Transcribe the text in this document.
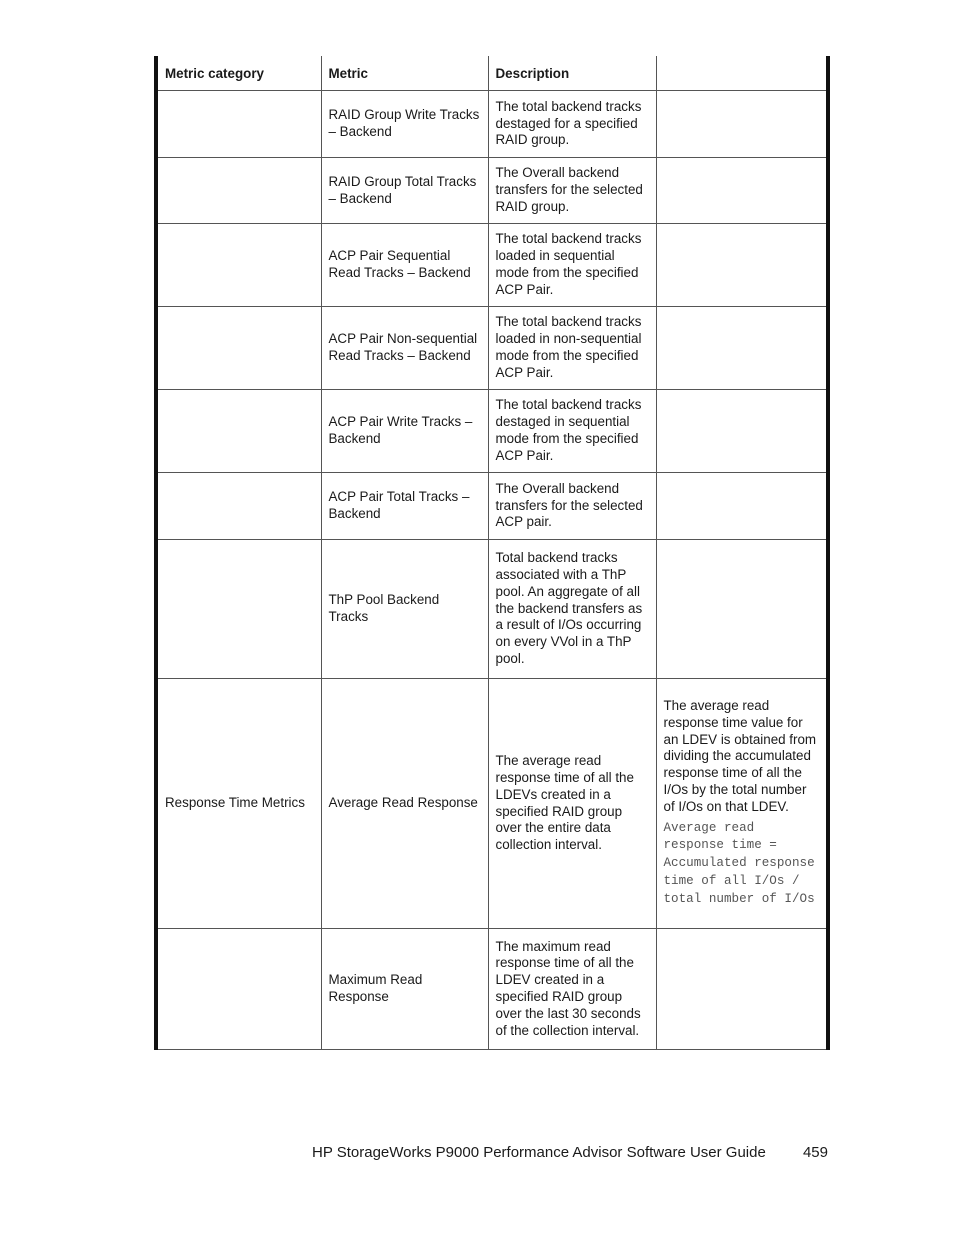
Metric category	Metric	Description	
	RAID Group Write Tracks – Backend	The total backend tracks destaged for a specified RAID group.	
	RAID Group Total Tracks – Backend	The Overall backend transfers for the selected RAID group.	
	ACP Pair Sequential Read Tracks – Backend	The total backend tracks loaded in sequential mode from the specified ACP Pair.	
	ACP Pair Non-sequential Read Tracks – Backend	The total backend tracks loaded in non-sequential mode from the specified ACP Pair.	
	ACP Pair Write Tracks – Backend	The total backend tracks destaged in sequential mode from the specified ACP Pair.	
	ACP Pair Total Tracks – Backend	The Overall backend transfers for the selected ACP pair.	
	ThP Pool Backend Tracks	Total backend tracks associated with a ThP pool. An aggregate of all the backend transfers as a result of I/Os occurring on every VVol in a ThP pool.	
Response Time Metrics	Average Read Response	The average read response time of all the LDEVs created in a specified RAID group over the entire data collection interval.	The average read response time value for an LDEV is obtained from dividing the accumulated response time of all the I/Os by the total number of I/Os on that LDEV.
Average read response time = Accumulated response time of all I/Os / total number of I/Os

	Maximum Read Response	The maximum read response time of all the LDEV created in a specified RAID group over the last 30 seconds of the collection interval.	
HP StorageWorks P9000 Performance Advisor Software User Guide 459
